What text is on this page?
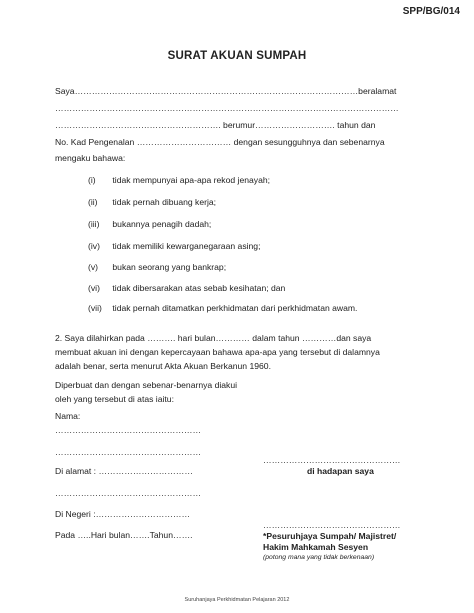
SPP/BG/014
SURAT AKUAN SUMPAH
Saya………………………………………………………………………………………beralamat
…………………………………………………………………………………………………………
…………………………………………………. berumur………………………. tahun dan
No. Kad Pengenalan …………………………… dengan sesungguhnya dan sebenarnya
mengaku bahawa:
(i) tidak mempunyai apa-apa rekod jenayah;
(ii) tidak pernah dibuang kerja;
(iii) bukannya penagih dadah;
(iv) tidak memiliki kewarganegaraan asing;
(v) bukan seorang yang bankrap;
(vi) tidak dibersarakan atas sebab kesihatan; dan
(vii) tidak pernah ditamatkan perkhidmatan dari perkhidmatan awam.
2. Saya dilahirkan pada ………. hari bulan………… dalam tahun …………dan saya
membuat akuan ini dengan kepercayaan bahawa apa-apa yang tersebut di dalamnya
adalah benar, serta menurut Akta Akuan Berkanun 1960.
Diperbuat dan dengan sebenar-benarnya diakui
oleh yang tersebut di atas iaitu:
Nama:
……………………………………………
……………………………………………
Di alamat : ……………………………
……………………………………………
Di Negeri :……………………………
Pada …..Hari bulan…….Tahun…….
…………………………………………
di hadapan saya
…………………………………………
*Pesuruhjaya Sumpah/ Majistret/
Hakim Mahkamah Sesyen
(potong mana yang tidak berkenaan)
Suruhanjaya Perkhidmatan Pelajaran 2012
